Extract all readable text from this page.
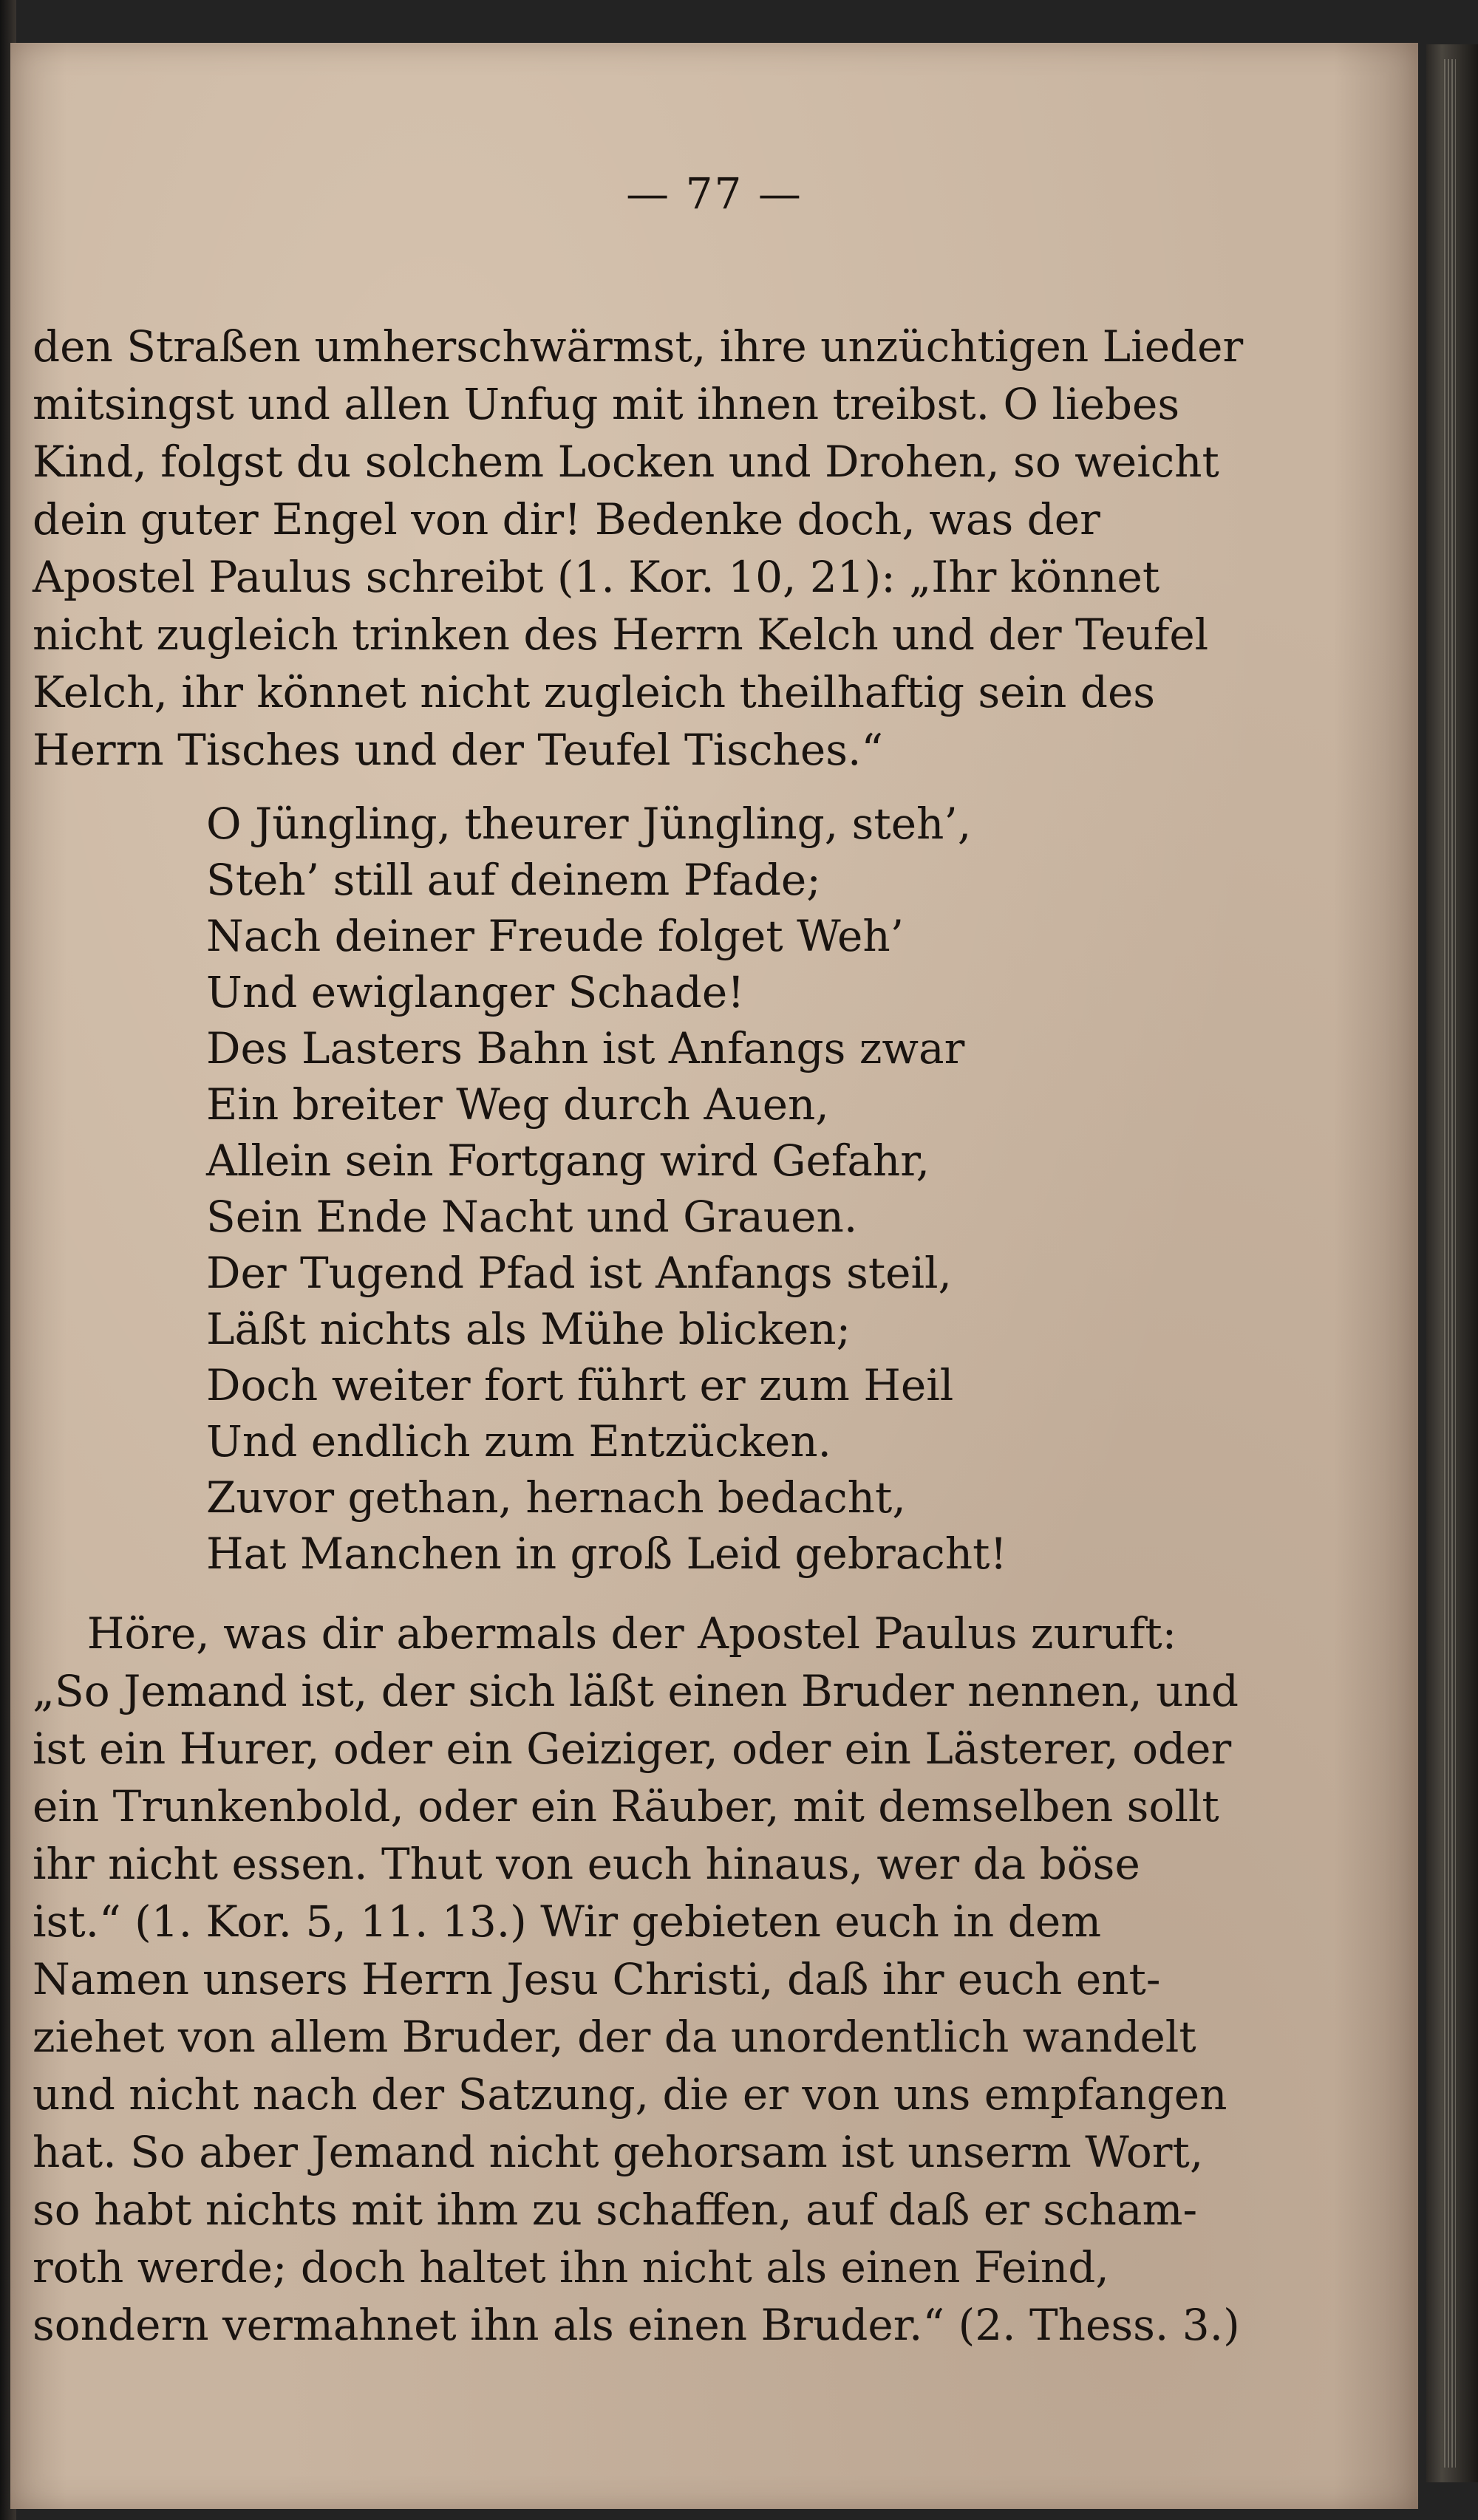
— 77 —
den Straßen umherschwärmst, ihre unzüchtigen Lieder
mitsingst und allen Unfug mit ihnen treibst. O liebes
Kind, folgst du solchem Locken und Drohen, so weicht
dein guter Engel von dir! Bedenke doch, was der
Apostel Paulus schreibt (1. Kor. 10, 21): „Ihr könnet
nicht zugleich trinken des Herrn Kelch und der Teufel
Kelch, ihr könnet nicht zugleich theilhaftig sein des
Herrn Tisches und der Teufel Tisches.“
O Jüngling, theurer Jüngling, steh’,
Steh’ still auf deinem Pfade;
Nach deiner Freude folget Weh’
Und ewiglanger Schade!
Des Lasters Bahn ist Anfangs zwar
Ein breiter Weg durch Auen,
Allein sein Fortgang wird Gefahr,
Sein Ende Nacht und Grauen.
Der Tugend Pfad ist Anfangs steil,
Läßt nichts als Mühe blicken;
Doch weiter fort führt er zum Heil
Und endlich zum Entzücken.
Zuvor gethan, hernach bedacht,
Hat Manchen in groß Leid gebracht!
Höre, was dir abermals der Apostel Paulus zuruft:
„So Jemand ist, der sich läßt einen Bruder nennen, und
ist ein Hurer, oder ein Geiziger, oder ein Lästerer, oder
ein Trunkenbold, oder ein Räuber, mit demselben sollt
ihr nicht essen. Thut von euch hinaus, wer da böse
ist.“ (1. Kor. 5, 11. 13.) Wir gebieten euch in dem
Namen unsers Herrn Jesu Christi, daß ihr euch ent-
ziehet von allem Bruder, der da unordentlich wandelt
und nicht nach der Satzung, die er von uns empfangen
hat. So aber Jemand nicht gehorsam ist unserm Wort,
so habt nichts mit ihm zu schaffen, auf daß er scham-
roth werde; doch haltet ihn nicht als einen Feind,
sondern vermahnet ihn als einen Bruder.“ (2. Thess. 3.)
